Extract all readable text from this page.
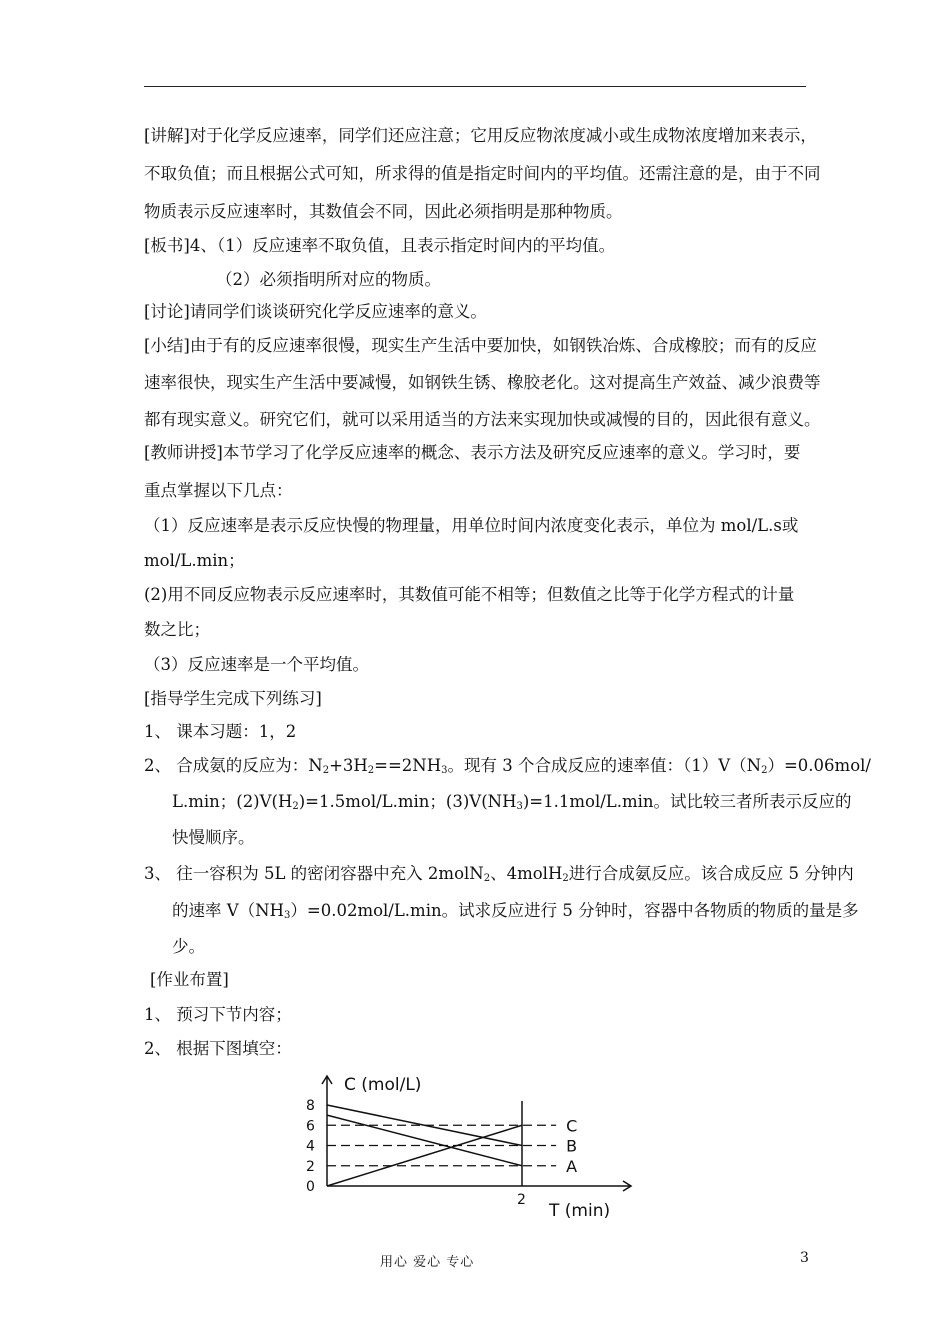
[讲解]对于化学反应速率，同学们还应注意；它用反应物浓度减小或生成物浓度增加来表示，
不取负值；而且根据公式可知，所求得的值是指定时间内的平均值。还需注意的是，由于不同
物质表示反应速率时，其数值会不同，因此必须指明是那种物质。
[板书]4、（1）反应速率不取负值，且表示指定时间内的平均值。
（2）必须指明所对应的物质。
[讨论]请同学们谈谈研究化学反应速率的意义。
[小结]由于有的反应速率很慢，现实生产生活中要加快，如钢铁冶炼、合成橡胶；而有的反应
速率很快，现实生产生活中要减慢，如钢铁生锈、橡胶老化。这对提高生产效益、减少浪费等
都有现实意义。研究它们，就可以采用适当的方法来实现加快或减慢的目的，因此很有意义。
[教师讲授]本节学习了化学反应速率的概念、表示方法及研究反应速率的意义。学习时，要
重点掌握以下几点：
（1）反应速率是表示反应快慢的物理量，用单位时间内浓度变化表示，单位为 mol/L.s或
mol/L.min；
(2)用不同反应物表示反应速率时，其数值可能不相等；但数值之比等于化学方程式的计量
数之比；
（3）反应速率是一个平均值。
[指导学生完成下列练习]
1、 课本习题：1，2
2、 合成氨的反应为：$N_2+3H_2==2NH_3$。现有 3 个合成反应的速率值：$(1)V(N_2)=0.06mol/$
L.min；$(2)V(H_2)=1.5mol/L.\min$；$(3)V(NH_3)=1.1mol/L.\min$。试比较三者所表示反应的
快慢顺序。
3、 往一容积为 5L 的密闭容器中充入 2molN$_2$、4molH$_2$进行合成氨反应。该合成反应 5 分钟内
的速率 $V(NH_3)=0.02mol/L.\min$。试求反应进行 5 分钟时，容器中各物质的物质的量是多
少。
[作业布置]
1、 预习下节内容；
2、 根据下图填空：
C
B
A
0
2
4
6
8
2
C (mol/L)
T (min)
用心 爱心 专心	3
